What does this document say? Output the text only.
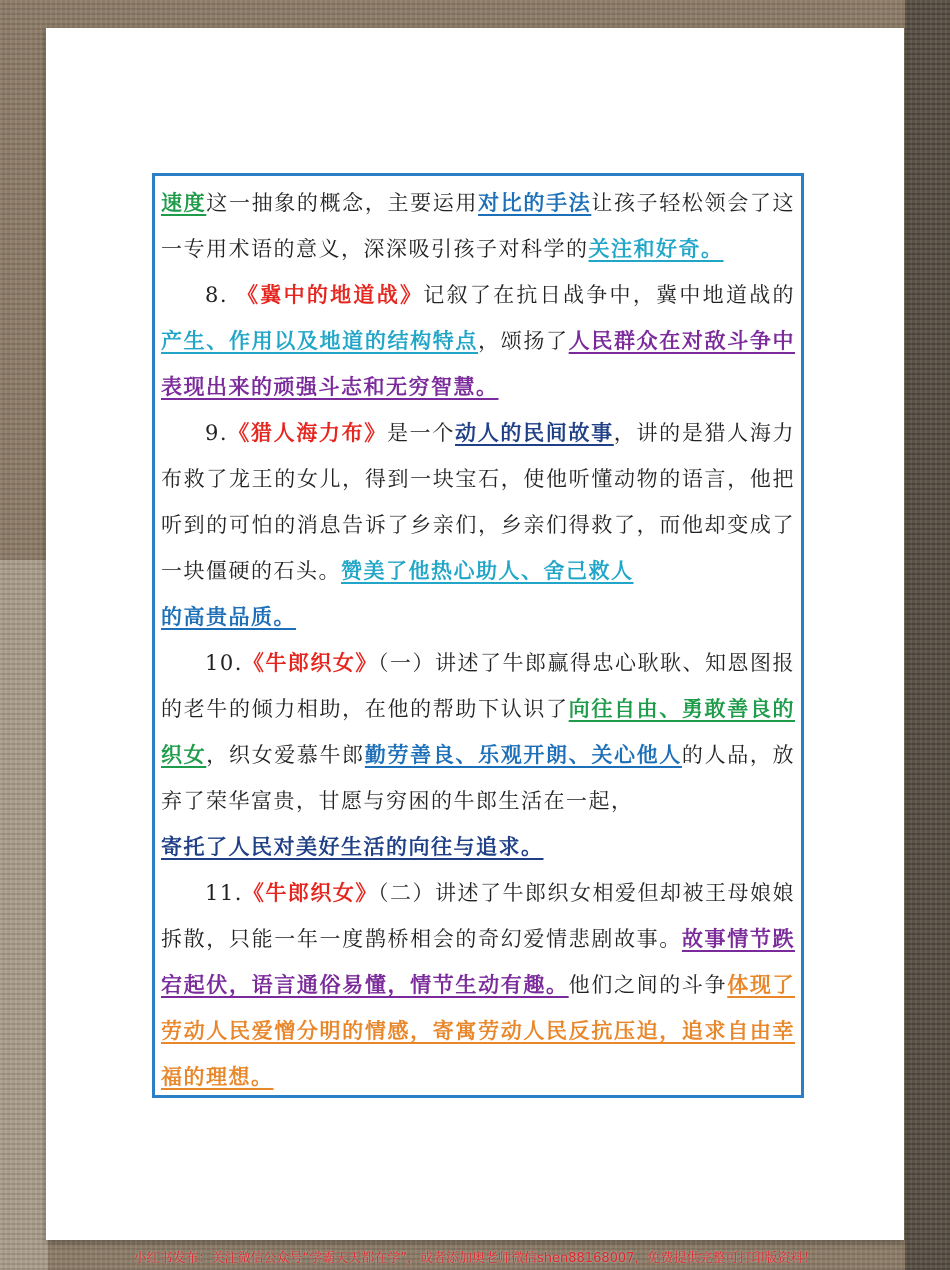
速度这一抽象的概念，主要运用对比的手法让孩子轻松领会了这一专用术语的意义，深深吸引孩子对科学的关注和好奇。

8. 《冀中的地道战》记叙了在抗日战争中，冀中地道战的产生、作用以及地道的结构特点，颂扬了人民群众在对敌斗争中表现出来的顽强斗志和无穷智慧。

9.《猎人海力布》是一个动人的民间故事，讲的是猎人海力布救了龙王的女儿，得到一块宝石，使他听懂动物的语言，他把听到的可怕的消息告诉了乡亲们，乡亲们得救了，而他却变成了一块僵硬的石头。赞美了他热心助人、舍己救人
的高贵品质。

10.《牛郎织女》（一）讲述了牛郎赢得忠心耿耿、知恩图报的老牛的倾力相助，在他的帮助下认识了向往自由、勇敢善良的织女，织女爱慕牛郎勤劳善良、乐观开朗、关心他人的人品，放弃了荣华富贵，甘愿与穷困的牛郎生活在一起，
寄托了人民对美好生活的向往与追求。

11.《牛郎织女》（二）讲述了牛郎织女相爱但却被王母娘娘拆散，只能一年一度鹊桥相会的奇幻爱情悲剧故事。故事情节跌宕起伏，语言通俗易懂，情节生动有趣。他们之间的斗争体现了劳动人民爱憎分明的情感，寄寓劳动人民反抗压迫，追求自由幸福的理想。

小红书发布：关注微信公众号“学霸天天都在学”，或者添加奥老师微信shen88168007，免费提供完整可打印版资料！
